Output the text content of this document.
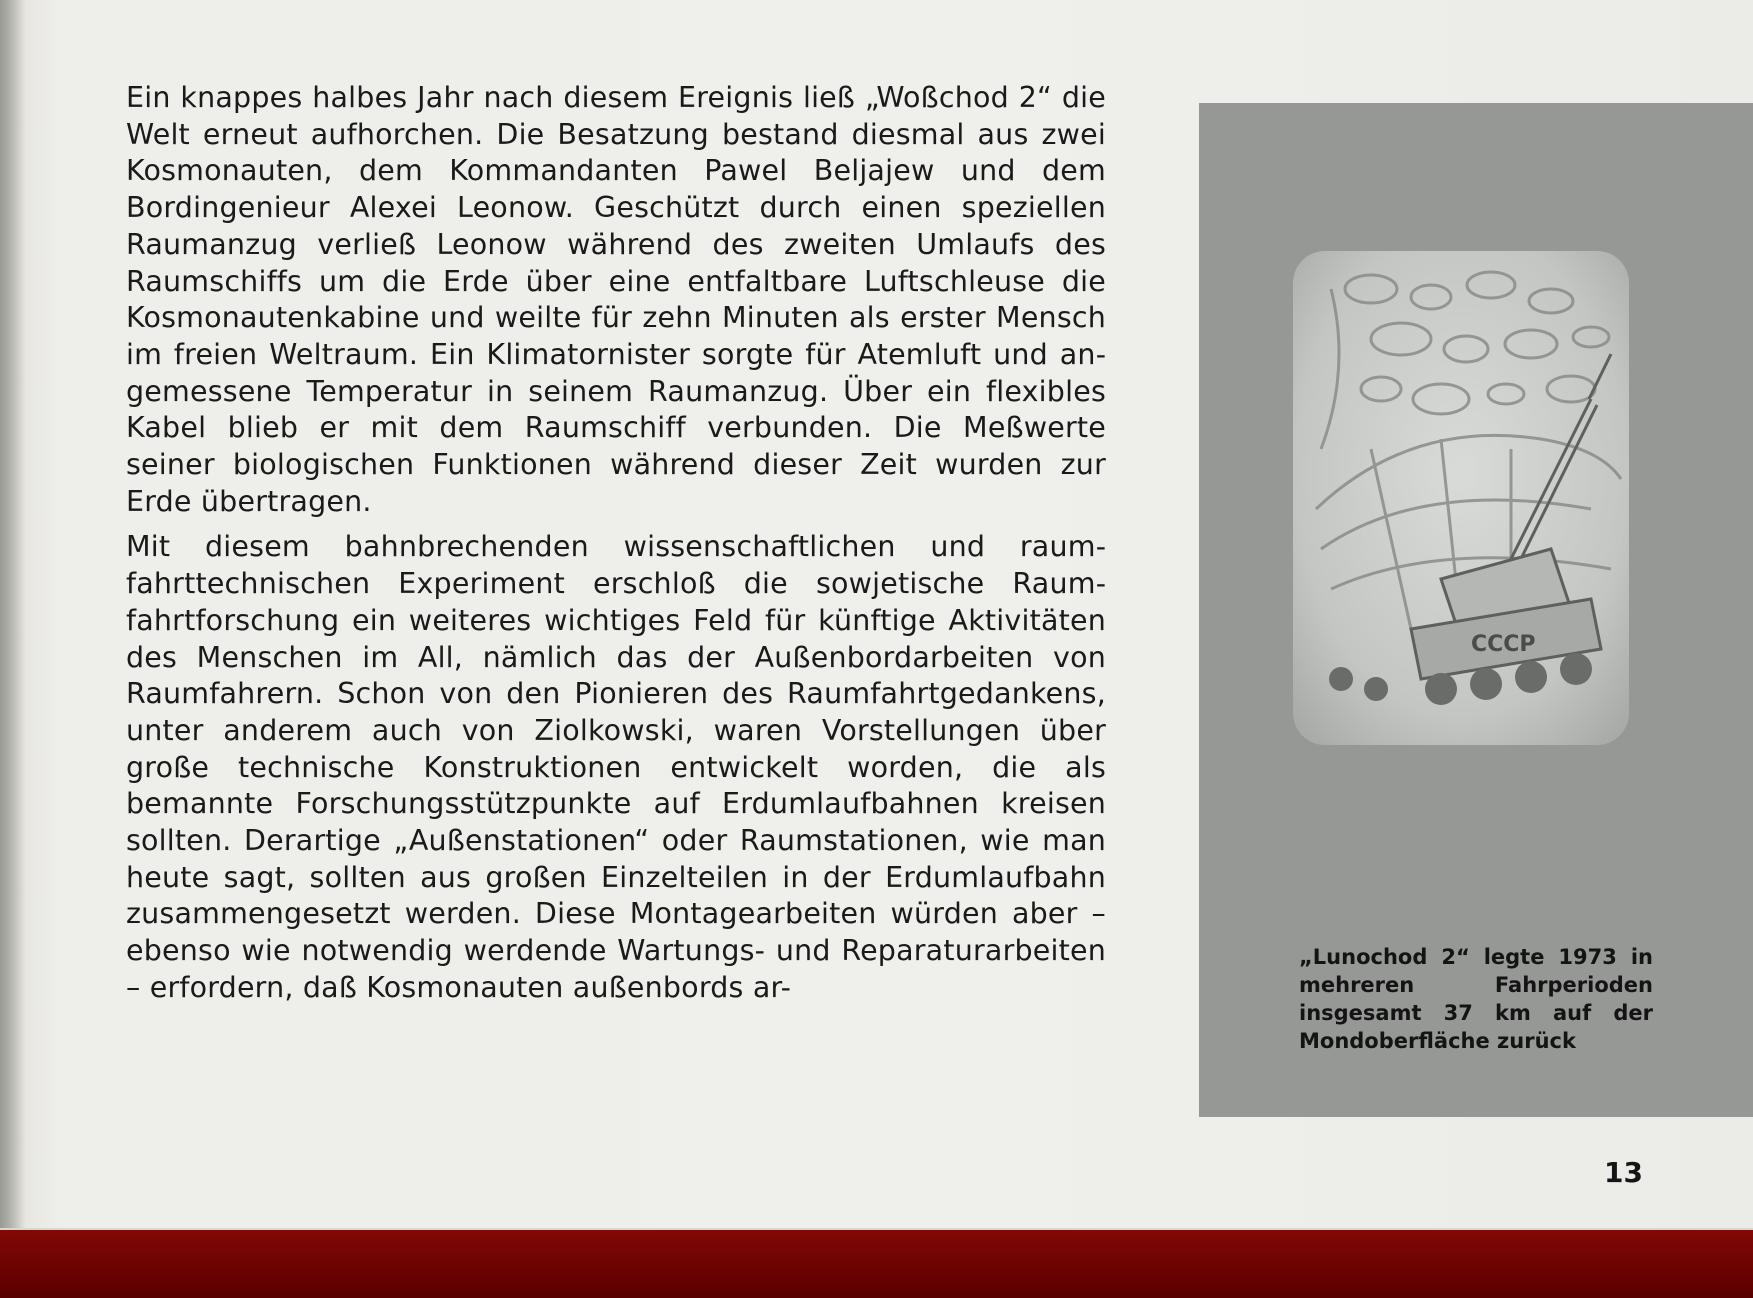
Ein knappes halbes Jahr nach diesem Ereignis ließ „Woßchod 2“ die Welt erneut aufhorchen. Die Besatzung bestand diesmal aus zwei Kosmonauten, dem Kommandanten Pawel Beljajew und dem Bordingenieur Alexei Leonow. Geschützt durch einen speziellen Raumanzug verließ Leonow während des zweiten Umlaufs des Raumschiffs um die Erde über eine entfaltbare Luftschleuse die Kosmonautenkabine und weilte für zehn Minuten als erster Mensch im freien Weltraum. Ein Klimatornister sorgte für Atemluft und angemessene Temperatur in seinem Raumanzug. Über ein flexibles Kabel blieb er mit dem Raumschiff verbunden. Die Meßwerte seiner biologischen Funktionen während dieser Zeit wurden zur Erde übertragen.

Mit diesem bahnbrechenden wissenschaftlichen und raumfahrttechnischen Experiment erschloß die sowjetische Raumfahrtforschung ein weiteres wichtiges Feld für künftige Aktivitäten des Menschen im All, nämlich das der Außenbordarbeiten von Raumfahrern. Schon von den Pionieren des Raumfahrtgedankens, unter anderem auch von Ziolkowski, waren Vorstellungen über große technische Konstruktionen entwickelt worden, die als bemannte Forschungsstützpunkte auf Erdumlaufbahnen kreisen sollten. Derartige „Außenstationen“ oder Raumstationen, wie man heute sagt, sollten aus großen Einzelteilen in der Erdumlaufbahn zusammengesetzt werden. Diese Montagearbeiten würden aber – ebenso wie notwendig werdende Wartungs- und Reparaturarbeiten – erfordern, daß Kosmonauten außenbords ar-

СССР
„Lunochod 2“ legte 1973 in mehreren Fahrperioden insgesamt 37 km auf der Mondoberfläche zurück
13
